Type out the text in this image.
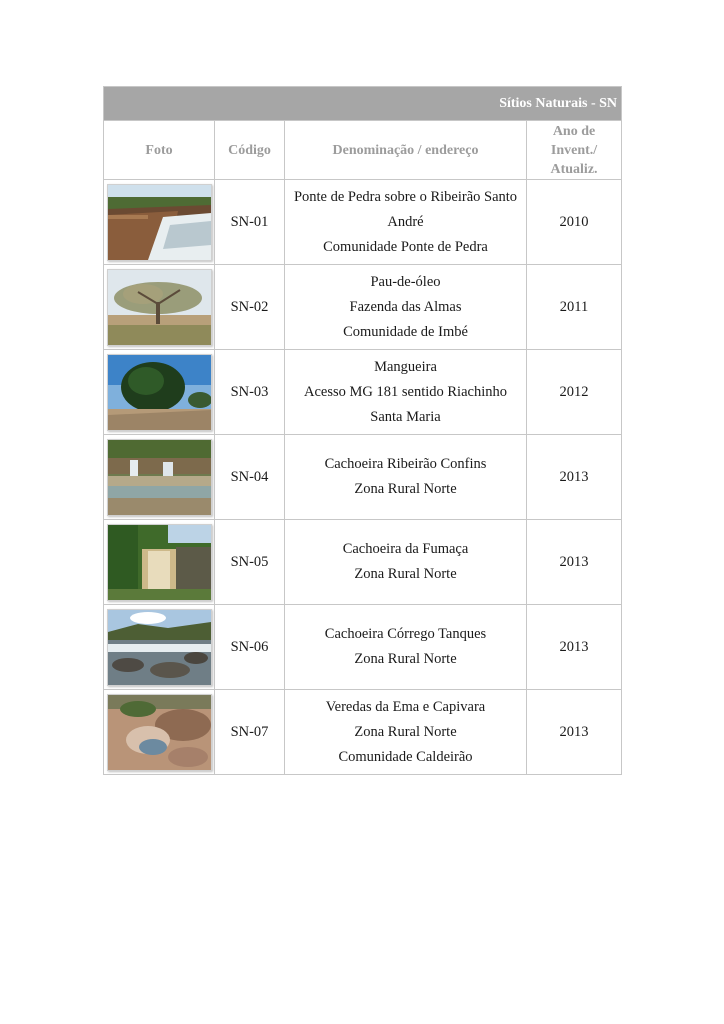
Sítios Naturais - SN			
Foto	Código	Denominação / endereço	Ano de
Invent./
Atualiz.

	SN-01	Ponte de Pedra sobre o Ribeirão Santo
André
Comunidade Ponte de Pedra	2010

	SN-02	Pau-de-óleo
Fazenda das Almas
Comunidade de Imbé	2011

	SN-03	Mangueira
Acesso MG 181 sentido Riachinho
Santa Maria	2012

	SN-04	Cachoeira Ribeirão Confins
Zona Rural Norte	2013

	SN-05	Cachoeira da Fumaça
Zona Rural Norte	2013

	SN-06	Cachoeira Córrego Tanques
Zona Rural Norte	2013

	SN-07	Veredas da Ema e Capivara
Zona Rural Norte
Comunidade Caldeirão	2013
